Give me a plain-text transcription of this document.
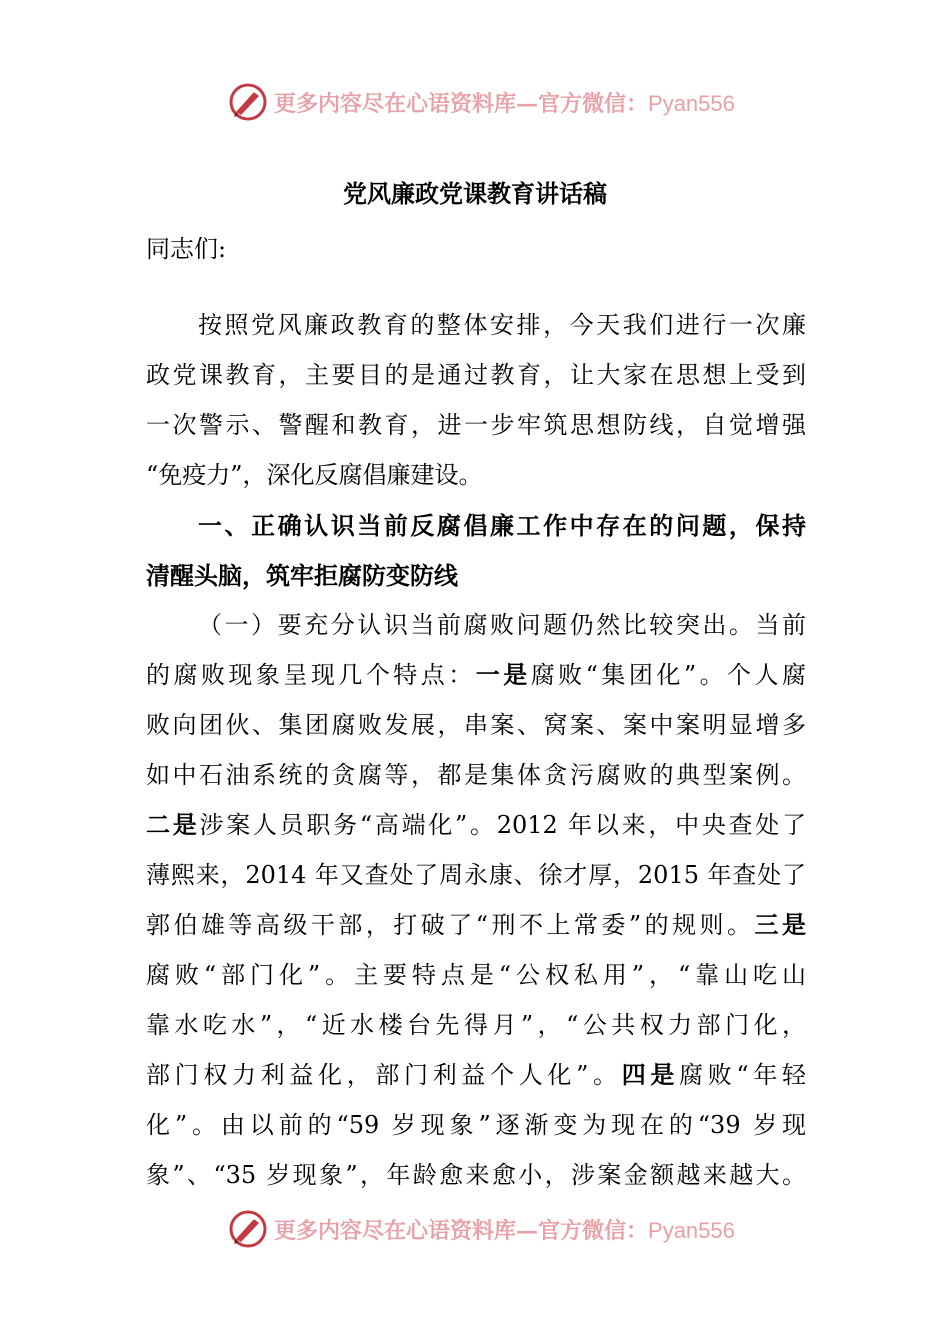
更多内容尽在心语资料库—官方微信：Pyan556
党风廉政党课教育讲话稿
同志们:
按照党风廉政教育的整体安排，今天我们进行一次廉
政党课教育，主要目的是通过教育，让大家在思想上受到
一次警示、警醒和教育，进一步牢筑思想防线，自觉增强
“免疫力”，深化反腐倡廉建设。
一、正确认识当前反腐倡廉工作中存在的问题，保持
清醒头脑，筑牢拒腐防变防线
（一）要充分认识当前腐败问题仍然比较突出。当前
的腐败现象呈现几个特点：一是腐败“集团化”。个人腐
败向团伙、集团腐败发展，串案、窝案、案中案明显增多
如中石油系统的贪腐等，都是集体贪污腐败的典型案例。
二是涉案人员职务“高端化”。2012 年以来，中央查处了
薄熙来，2014 年又查处了周永康、徐才厚，2015 年查处了
郭伯雄等高级干部，打破了“刑不上常委”的规则。三是
腐败“部门化”。主要特点是“公权私用”，“靠山吃山
靠水吃水”，“近水楼台先得月”，“公共权力部门化，
部门权力利益化，部门利益个人化”。四是腐败“年轻
化”。由以前的“59 岁现象”逐渐变为现在的“39 岁现
象”、“35 岁现象”，年龄愈来愈小，涉案金额越来越大。
更多内容尽在心语资料库—官方微信：Pyan556
